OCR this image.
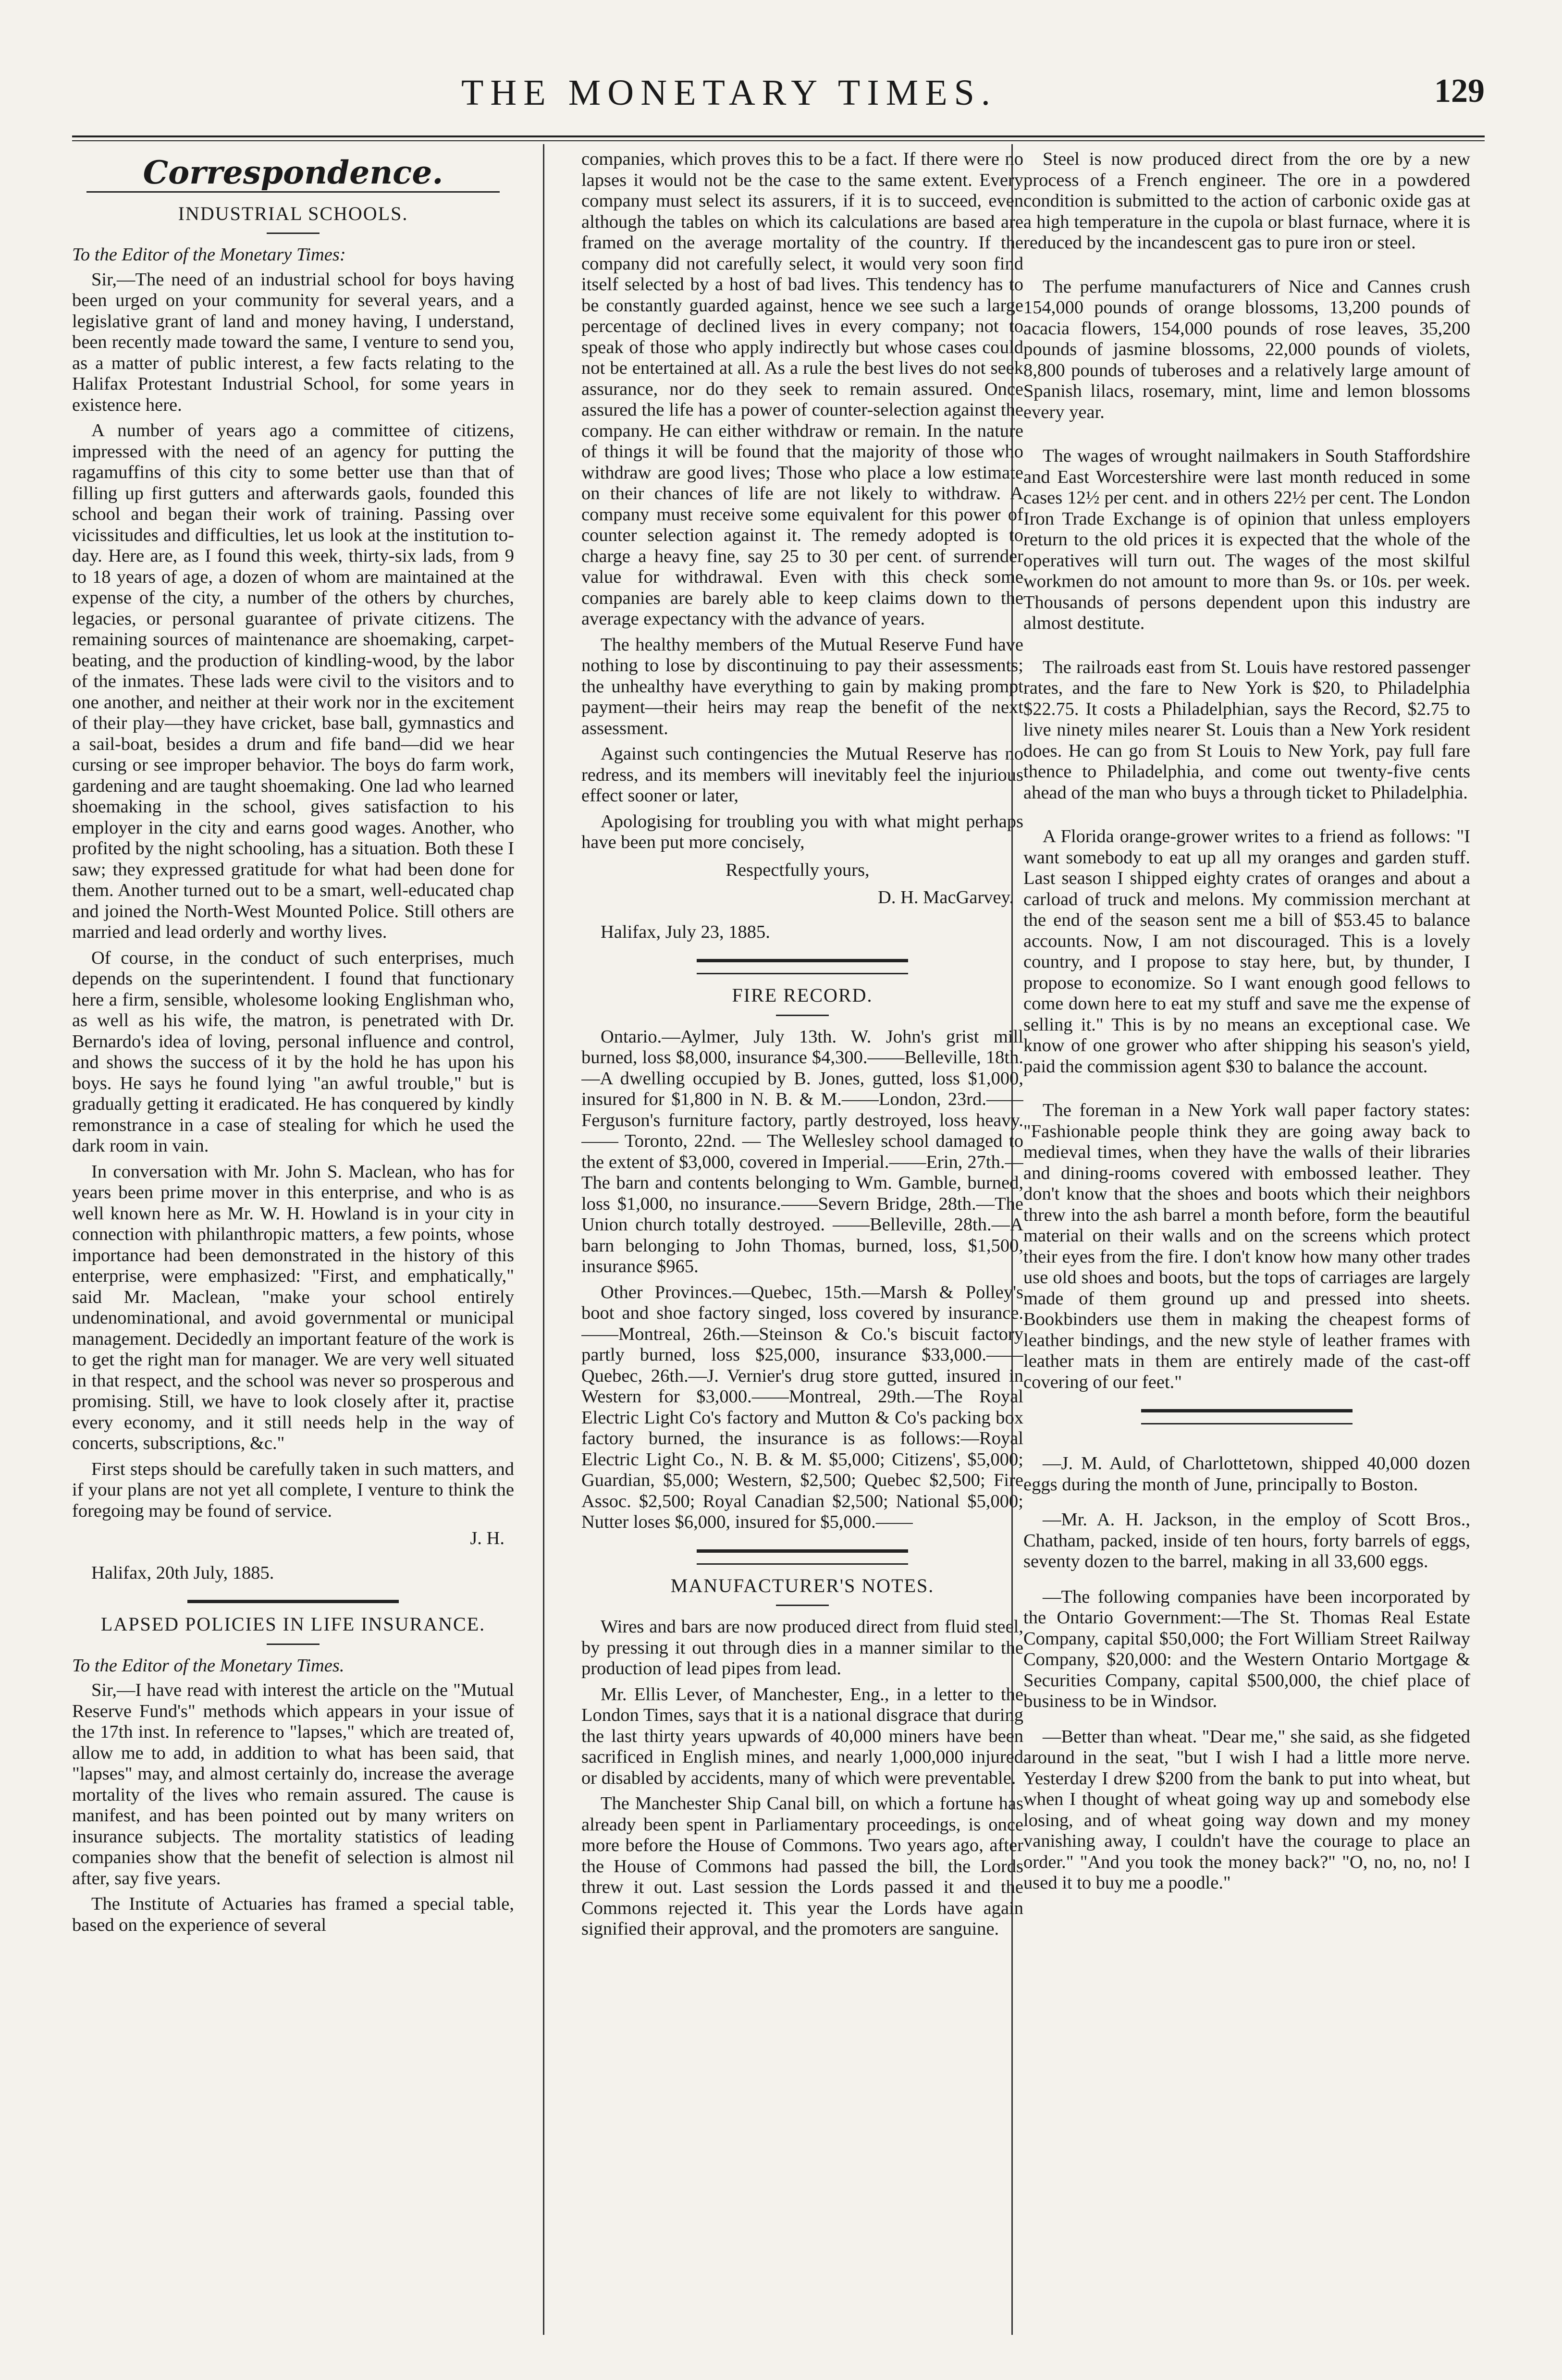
THE MONETARY TIMES.	129
Correspondence.
INDUSTRIAL SCHOOLS.

To the Editor of the Monetary Times:

Sir,—The need of an industrial school for boys having been urged on your community for several years, and a legislative grant of land and money having, I understand, been recently made toward the same, I venture to send you, as a matter of public interest, a few facts relating to the Halifax Protestant Industrial School, for some years in existence here.

A number of years ago a committee of citizens, impressed with the need of an agency for putting the ragamuffins of this city to some better use than that of filling up first gutters and afterwards gaols, founded this school and began their work of training. Passing over vicissitudes and difficulties, let us look at the institution to-day. Here are, as I found this week, thirty-six lads, from 9 to 18 years of age, a dozen of whom are maintained at the expense of the city, a number of the others by churches, legacies, or personal guarantee of private citizens. The remaining sources of maintenance are shoemaking, carpet-beating, and the production of kindling-wood, by the labor of the inmates. These lads were civil to the visitors and to one another, and neither at their work nor in the excitement of their play—they have cricket, base ball, gymnastics and a sail-boat, besides a drum and fife band—did we hear cursing or see improper behavior. The boys do farm work, gardening and are taught shoemaking. One lad who learned shoemaking in the school, gives satisfaction to his employer in the city and earns good wages. Another, who profited by the night schooling, has a situation. Both these I saw; they expressed gratitude for what had been done for them. Another turned out to be a smart, well-educated chap and joined the North-West Mounted Police. Still others are married and lead orderly and worthy lives.

Of course, in the conduct of such enterprises, much depends on the superintendent. I found that functionary here a firm, sensible, wholesome looking Englishman who, as well as his wife, the matron, is penetrated with Dr. Bernardo's idea of loving, personal influence and control, and shows the success of it by the hold he has upon his boys. He says he found lying "an awful trouble," but is gradually getting it eradicated. He has conquered by kindly remonstrance in a case of stealing for which he used the dark room in vain.

In conversation with Mr. John S. Maclean, who has for years been prime mover in this enterprise, and who is as well known here as Mr. W. H. Howland is in your city in connection with philanthropic matters, a few points, whose importance had been demonstrated in the history of this enterprise, were emphasized: "First, and emphatically," said Mr. Maclean, "make your school entirely undenominational, and avoid governmental or municipal management. Decidedly an important feature of the work is to get the right man for manager. We are very well situated in that respect, and the school was never so prosperous and promising. Still, we have to look closely after it, practise every economy, and it still needs help in the way of concerts, subscriptions, &c."

First steps should be carefully taken in such matters, and if your plans are not yet all complete, I venture to think the foregoing may be found of service.

J. H.

Halifax, 20th July, 1885.

LAPSED POLICIES IN LIFE INSURANCE.

To the Editor of the Monetary Times.

Sir,—I have read with interest the article on the "Mutual Reserve Fund's" methods which appears in your issue of the 17th inst. In reference to "lapses," which are treated of, allow me to add, in addition to what has been said, that "lapses" may, and almost certainly do, increase the average mortality of the lives who remain assured. The cause is manifest, and has been pointed out by many writers on insurance subjects. The mortality statistics of leading companies show that the benefit of selection is almost nil after, say five years.

The Institute of Actuaries has framed a special table, based on the experience of several

companies, which proves this to be a fact. If there were no lapses it would not be the case to the same extent. Every company must select its assurers, if it is to succeed, even although the tables on which its calculations are based are framed on the average mortality of the country. If the company did not carefully select, it would very soon find itself selected by a host of bad lives. This tendency has to be constantly guarded against, hence we see such a large percentage of declined lives in every company; not to speak of those who apply indirectly but whose cases could not be entertained at all. As a rule the best lives do not seek assurance, nor do they seek to remain assured. Once assured the life has a power of counter-selection against the company. He can either withdraw or remain. In the nature of things it will be found that the majority of those who withdraw are good lives; Those who place a low estimate on their chances of life are not likely to withdraw. A company must receive some equivalent for this power of counter selection against it. The remedy adopted is to charge a heavy fine, say 25 to 30 per cent. of surrender value for withdrawal. Even with this check some companies are barely able to keep claims down to the average expectancy with the advance of years.

The healthy members of the Mutual Reserve Fund have nothing to lose by discontinuing to pay their assessments; the unhealthy have everything to gain by making prompt payment—their heirs may reap the benefit of the next assessment.

Against such contingencies the Mutual Reserve has no redress, and its members will inevitably feel the injurious effect sooner or later,

Apologising for troubling you with what might perhaps have been put more concisely,

Respectfully yours,

D. H. MacGarvey.

Halifax, July 23, 1885.

FIRE RECORD.

Ontario.—Aylmer, July 13th. W. John's grist mill burned, loss $8,000, insurance $4,300.——Belleville, 18th.—A dwelling occupied by B. Jones, gutted, loss $1,000, insured for $1,800 in N. B. & M.——London, 23rd.——Ferguson's furniture factory, partly destroyed, loss heavy.—— Toronto, 22nd. — The Wellesley school damaged to the extent of $3,000, covered in Imperial.——Erin, 27th.—The barn and contents belonging to Wm. Gamble, burned, loss $1,000, no insurance.——Severn Bridge, 28th.—The Union church totally destroyed. ——Belleville, 28th.—A barn belonging to John Thomas, burned, loss, $1,500, insurance $965.

Other Provinces.—Quebec, 15th.—Marsh & Polley's boot and shoe factory singed, loss covered by insurance.——Montreal, 26th.—Steinson & Co.'s biscuit factory partly burned, loss $25,000, insurance $33,000.——Quebec, 26th.—J. Vernier's drug store gutted, insured in Western for $3,000.——Montreal, 29th.—The Royal Electric Light Co's factory and Mutton & Co's packing box factory burned, the insurance is as follows:—Royal Electric Light Co., N. B. & M. $5,000; Citizens', $5,000; Guardian, $5,000; Western, $2,500; Quebec $2,500; Fire Assoc. $2,500; Royal Canadian $2,500; National $5,000; Nutter loses $6,000, insured for $5,000.——

MANUFACTURER'S NOTES.

Wires and bars are now produced direct from fluid steel, by pressing it out through dies in a manner similar to the production of lead pipes from lead.

Mr. Ellis Lever, of Manchester, Eng., in a letter to the London Times, says that it is a national disgrace that during the last thirty years upwards of 40,000 miners have been sacrificed in English mines, and nearly 1,000,000 injured or disabled by accidents, many of which were preventable.

The Manchester Ship Canal bill, on which a fortune has already been spent in Parliamentary proceedings, is once more before the House of Commons. Two years ago, after the House of Commons had passed the bill, the Lords threw it out. Last session the Lords passed it and the Commons rejected it. This year the Lords have again signified their approval, and the promoters are sanguine.

Steel is now produced direct from the ore by a new process of a French engineer. The ore in a powdered condition is submitted to the action of carbonic oxide gas at a high temperature in the cupola or blast furnace, where it is reduced by the incandescent gas to pure iron or steel.

The perfume manufacturers of Nice and Cannes crush 154,000 pounds of orange blossoms, 13,200 pounds of acacia flowers, 154,000 pounds of rose leaves, 35,200 pounds of jasmine blossoms, 22,000 pounds of violets, 8,800 pounds of tuberoses and a relatively large amount of Spanish lilacs, rosemary, mint, lime and lemon blossoms every year.

The wages of wrought nailmakers in South Staffordshire and East Worcestershire were last month reduced in some cases 12½ per cent. and in others 22½ per cent. The London Iron Trade Exchange is of opinion that unless employers return to the old prices it is expected that the whole of the operatives will turn out. The wages of the most skilful workmen do not amount to more than 9s. or 10s. per week. Thousands of persons dependent upon this industry are almost destitute.

The railroads east from St. Louis have restored passenger rates, and the fare to New York is $20, to Philadelphia $22.75. It costs a Philadelphian, says the Record, $2.75 to live ninety miles nearer St. Louis than a New York resident does. He can go from St Louis to New York, pay full fare thence to Philadelphia, and come out twenty-five cents ahead of the man who buys a through ticket to Philadelphia.

A Florida orange-grower writes to a friend as follows: "I want somebody to eat up all my oranges and garden stuff. Last season I shipped eighty crates of oranges and about a carload of truck and melons. My commission merchant at the end of the season sent me a bill of $53.45 to balance accounts. Now, I am not discouraged. This is a lovely country, and I propose to stay here, but, by thunder, I propose to economize. So I want enough good fellows to come down here to eat my stuff and save me the expense of selling it." This is by no means an exceptional case. We know of one grower who after shipping his season's yield, paid the commission agent $30 to balance the account.

The foreman in a New York wall paper factory states: "Fashionable people think they are going away back to medieval times, when they have the walls of their libraries and dining-rooms covered with embossed leather. They don't know that the shoes and boots which their neighbors threw into the ash barrel a month before, form the beautiful material on their walls and on the screens which protect their eyes from the fire. I don't know how many other trades use old shoes and boots, but the tops of carriages are largely made of them ground up and pressed into sheets. Bookbinders use them in making the cheapest forms of leather bindings, and the new style of leather frames with leather mats in them are entirely made of the cast-off covering of our feet."

—J. M. Auld, of Charlottetown, shipped 40,000 dozen eggs during the month of June, principally to Boston.

—Mr. A. H. Jackson, in the employ of Scott Bros., Chatham, packed, inside of ten hours, forty barrels of eggs, seventy dozen to the barrel, making in all 33,600 eggs.

—The following companies have been incorporated by the Ontario Government:—The St. Thomas Real Estate Company, capital $50,000; the Fort William Street Railway Company, $20,000: and the Western Ontario Mortgage & Securities Company, capital $500,000, the chief place of business to be in Windsor.

—Better than wheat. "Dear me," she said, as she fidgeted around in the seat, "but I wish I had a little more nerve. Yesterday I drew $200 from the bank to put into wheat, but when I thought of wheat going way up and somebody else losing, and of wheat going way down and my money vanishing away, I couldn't have the courage to place an order." "And you took the money back?" "O, no, no, no! I used it to buy me a poodle."
